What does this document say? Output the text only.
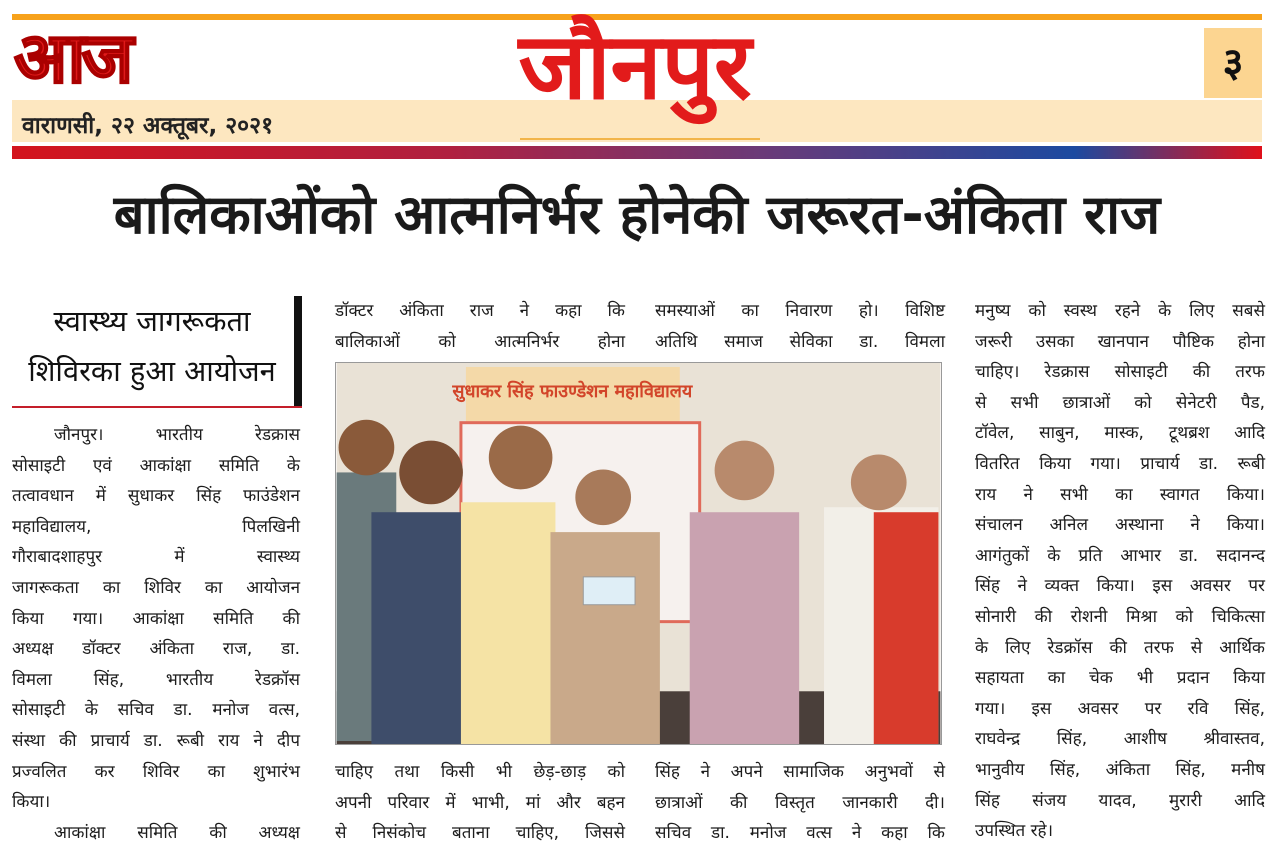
आज
वाराणसी, २२ अक्तूबर, २०२१
जौनपुर	३
बालिकाओंको आत्मनिर्भर होनेकी जरूरत-अंकिता राज
स्वास्थ्य जागरूकता
शिविरका हुआ आयोजन
जौनपुर। भारतीय रेडक्रास
सोसाइटी एवं आकांक्षा समिति के
तत्वावधान में सुधाकर सिंह फाउंडेशन
महाविद्यालय, पिलखिनी
गौराबादशाहपुर में स्वास्थ्य
जागरूकता का शिविर का आयोजन
किया गया। आकांक्षा समिति की
अध्यक्ष डॉक्टर अंकिता राज, डा.
विमला सिंह, भारतीय रेडक्रॉस
सोसाइटी के सचिव डा. मनोज वत्स,
संस्था की प्राचार्य डा. रूबी राय ने दीप
प्रज्वलित कर शिविर का शुभारंभ
किया।
आकांक्षा समिति की अध्यक्ष
डॉक्टर अंकिता राज ने कहा कि
बालिकाओं को आत्मनिर्भर होना
चाहिए तथा किसी भी छेड़-छाड़ को
अपनी परिवार में भाभी, मां और बहन
से निसंकोच बताना चाहिए, जिससे
समस्याओं का निवारण हो। विशिष्ट
अतिथि समाज सेविका डा. विमला
सिंह ने अपने सामाजिक अनुभवों से
छात्राओं की विस्तृत जानकारी दी।
सचिव डा. मनोज वत्स ने कहा कि
मनुष्य को स्वस्थ रहने के लिए सबसे
जरूरी उसका खानपान पौष्टिक होना
चाहिए। रेडक्रास सोसाइटी की तरफ
से सभी छात्राओं को सेनेटरी पैड,
टॉवेल, साबुन, मास्क, टूथब्रश आदि
वितरित किया गया। प्राचार्य डा. रूबी
राय ने सभी का स्वागत किया।
संचालन अनिल अस्थाना ने किया।
आगंतुकों के प्रति आभार डा. सदानन्द
सिंह ने व्यक्त किया। इस अवसर पर
सोनारी की रोशनी मिश्रा को चिकित्सा
के लिए रेडक्रॉस की तरफ से आर्थिक
सहायता का चेक भी प्रदान किया
गया। इस अवसर पर रवि सिंह,
राघवेन्द्र सिंह, आशीष श्रीवास्तव,
भानुवीय सिंह, अंकिता सिंह, मनीष
सिंह संजय यादव, मुरारी आदि
उपस्थित रहे।
सुधाकर सिंह फाउण्डेशन महाविद्यालय
